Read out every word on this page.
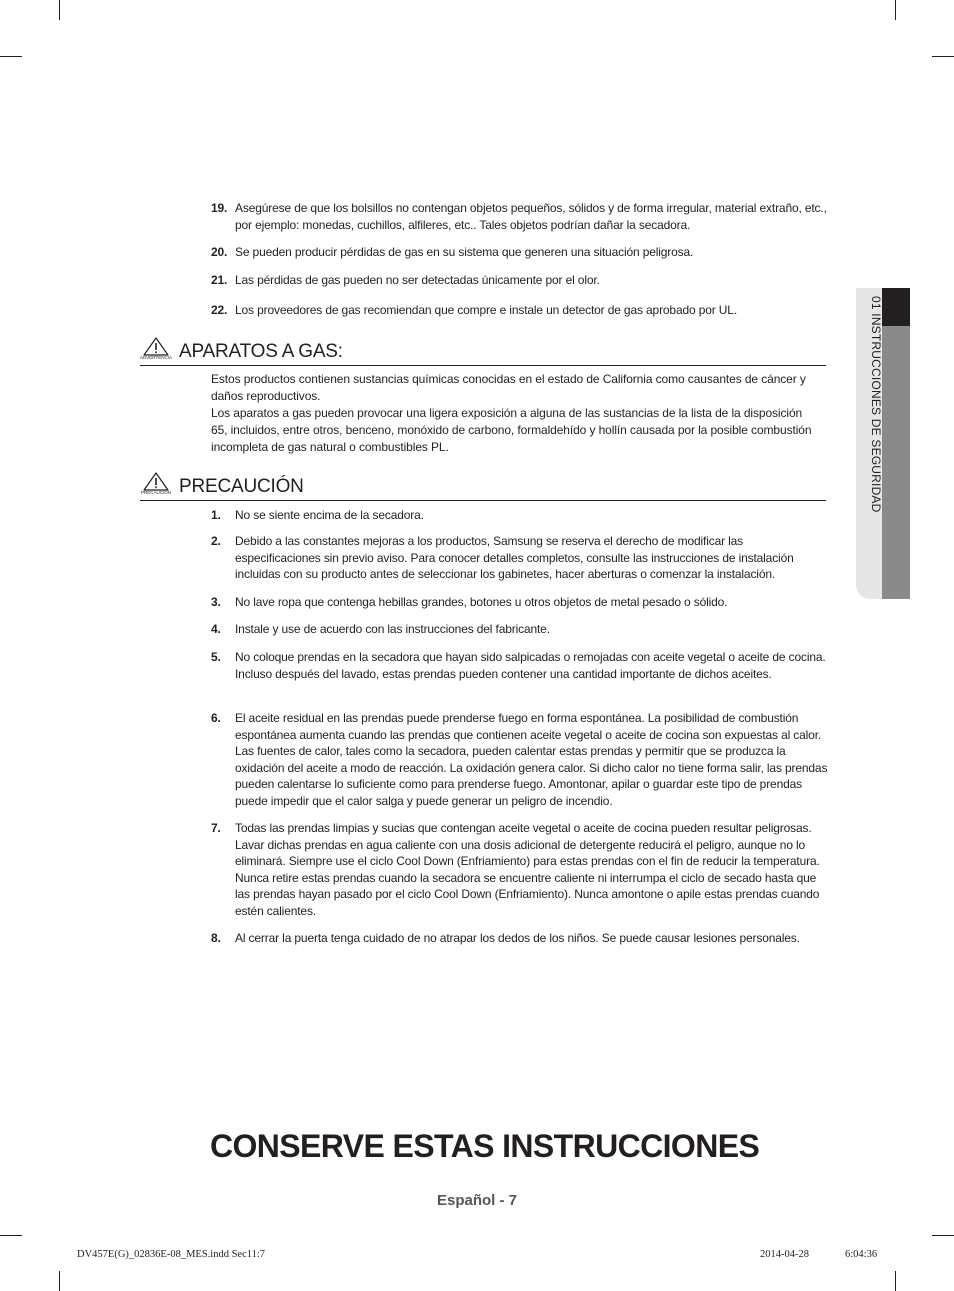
01 INSTRUCCIONES DE SEGURIDAD
19. Asegúrese de que los bolsillos no contengan objetos pequeños, sólidos y de forma irregular, material extraño, etc., por ejemplo: monedas, cuchillos, alfileres, etc.. Tales objetos podrían dañar la secadora.
20. Se pueden producir pérdidas de gas en su sistema que generen una situación peligrosa.
21. Las pérdidas de gas pueden no ser detectadas únicamente por el olor.
22. Los proveedores de gas recomiendan que compre e instale un detector de gas aprobado por UL.
ADVERTENCIA APARATOS A GAS:
Estos productos contienen sustancias químicas conocidas en el estado de California como causantes de cáncer y daños reproductivos.
Los aparatos a gas pueden provocar una ligera exposición a alguna de las sustancias de la lista de la disposición 65, incluidos, entre otros, benceno, monóxido de carbono, formaldehído y hollín causada por la posible combustión incompleta de gas natural o combustibles PL.
PRECAUCIÓN PRECAUCIÓN
1.	No se siente encima de la secadora.
2.	Debido a las constantes mejoras a los productos, Samsung se reserva el derecho de modificar las especificaciones sin previo aviso. Para conocer detalles completos, consulte las instrucciones de instalación incluidas con su producto antes de seleccionar los gabinetes, hacer aberturas o comenzar la instalación.
3.	No lave ropa que contenga hebillas grandes, botones u otros objetos de metal pesado o sólido.
4.	Instale y use de acuerdo con las instrucciones del fabricante.
5.	No coloque prendas en la secadora que hayan sido salpicadas o remojadas con aceite vegetal o aceite de cocina. Incluso después del lavado, estas prendas pueden contener una cantidad importante de dichos aceites.
6.	El aceite residual en las prendas puede prenderse fuego en forma espontánea. La posibilidad de combustión espontánea aumenta cuando las prendas que contienen aceite vegetal o aceite de cocina son expuestas al calor. Las fuentes de calor, tales como la secadora, pueden calentar estas prendas y permitir que se produzca la oxidación del aceite a modo de reacción. La oxidación genera calor. Si dicho calor no tiene forma salir, las prendas pueden calentarse lo suficiente como para prenderse fuego. Amontonar, apilar o guardar este tipo de prendas puede impedir que el calor salga y puede generar un peligro de incendio.
7.	Todas las prendas limpias y sucias que contengan aceite vegetal o aceite de cocina pueden resultar peligrosas. Lavar dichas prendas en agua caliente con una dosis adicional de detergente reducirá el peligro, aunque no lo eliminará. Siempre use el ciclo Cool Down (Enfriamiento) para estas prendas con el fin de reducir la temperatura. Nunca retire estas prendas cuando la secadora se encuentre caliente ni interrumpa el ciclo de secado hasta que las prendas hayan pasado por el ciclo Cool Down (Enfriamiento). Nunca amontone o apile estas prendas cuando estén calientes.
8.	Al cerrar la puerta tenga cuidado de no atrapar los dedos de los niños. Se puede causar lesiones personales.
CONSERVE ESTAS INSTRUCCIONES
Español - 7
DV457E(G)_02836E-08_MES.indd Sec11:7	2014-04-28	6:04:36
